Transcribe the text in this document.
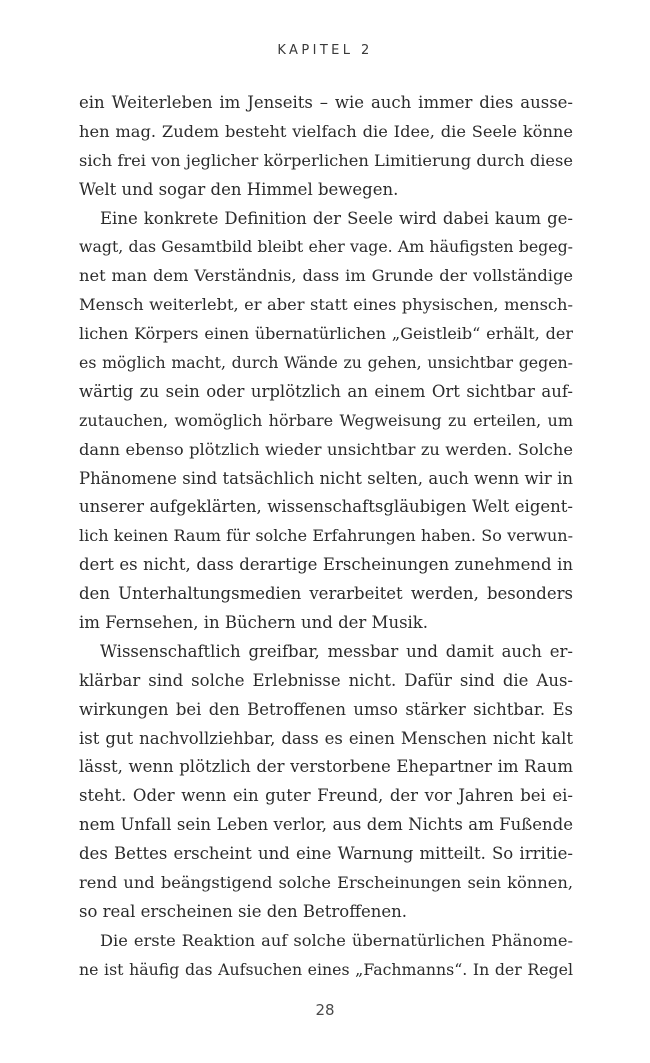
KAPITEL 2
ein Weiterleben im Jenseits – wie auch immer dies ausse-
hen mag. Zudem besteht vielfach die Idee, die Seele könne
sich frei von jeglicher körperlichen Limitierung durch diese
Welt und sogar den Himmel bewegen.
Eine konkrete Definition der Seele wird dabei kaum ge-
wagt, das Gesamtbild bleibt eher vage. Am häufigsten begeg-
net man dem Verständnis, dass im Grunde der vollständige
Mensch weiterlebt, er aber statt eines physischen, mensch-
lichen Körpers einen übernatürlichen „Geistleib“ erhält, der
es möglich macht, durch Wände zu gehen, unsichtbar gegen-
wärtig zu sein oder urplötzlich an einem Ort sichtbar auf-
zutauchen, womöglich hörbare Wegweisung zu erteilen, um
dann ebenso plötzlich wieder unsichtbar zu werden. Solche
Phänomene sind tatsächlich nicht selten, auch wenn wir in
unserer aufgeklärten, wissenschaftsgläubigen Welt eigent-
lich keinen Raum für solche Erfahrungen haben. So verwun-
dert es nicht, dass derartige Erscheinungen zunehmend in
den Unterhaltungsmedien verarbeitet werden, besonders
im Fernsehen, in Büchern und der Musik.
Wissenschaftlich greifbar, messbar und damit auch er-
klärbar sind solche Erlebnisse nicht. Dafür sind die Aus-
wirkungen bei den Betroffenen umso stärker sichtbar. Es
ist gut nachvollziehbar, dass es einen Menschen nicht kalt
lässt, wenn plötzlich der verstorbene Ehepartner im Raum
steht. Oder wenn ein guter Freund, der vor Jahren bei ei-
nem Unfall sein Leben verlor, aus dem Nichts am Fußende
des Bettes erscheint und eine Warnung mitteilt. So irritie-
rend und beängstigend solche Erscheinungen sein können,
so real erscheinen sie den Betroffenen.
Die erste Reaktion auf solche übernatürlichen Phänome-
ne ist häufig das Aufsuchen eines „Fachmanns“. In der Regel
28
